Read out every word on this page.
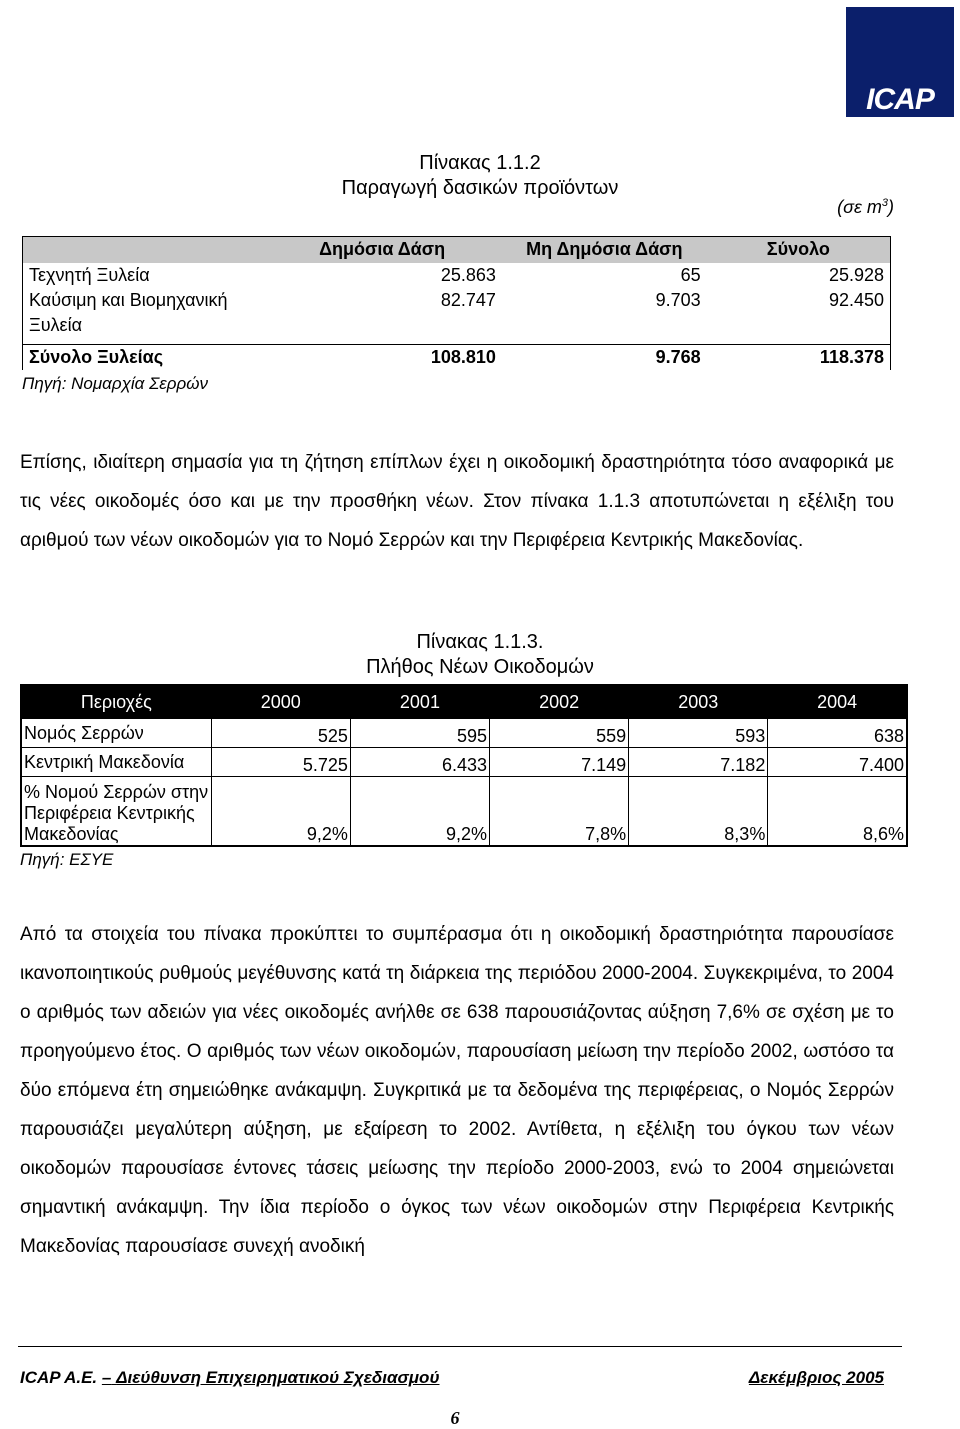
ICAP
Πίνακας 1.1.2
Παραγωγή δασικών προϊόντων
(σε $m^3$)
	Δημόσια Δάση	Μη Δημόσια Δάση	Σύνολο
Τεχνητή Ξυλεία	25.863	65	25.928
Καύσιμη και Βιομηχανική Ξυλεία	82.747	9.703	92.450
Σύνολο Ξυλείας	108.810	9.768	118.378
Πηγή: Νομαρχία Σερρών
Επίσης, ιδιαίτερη σημασία για τη ζήτηση επίπλων έχει η οικοδομική δραστηριότητα τόσο αναφορικά με τις νέες οικοδομές όσο και με την προσθήκη νέων. Στον πίνακα 1.1.3 αποτυπώνεται η εξέλιξη του αριθμού των νέων οικοδομών για το Νομό Σερρών και την Περιφέρεια Κεντρικής Μακεδονίας.
Πίνακας 1.1.3.
Πλήθος Νέων Οικοδομών
Περιοχές	2000	2001	2002	2003	2004
Νομός Σερρών	525	595	559	593	638
Κεντρική Μακεδονία	5.725	6.433	7.149	7.182	7.400
% Νομού Σερρών στην Περιφέρεια Κεντρικής Μακεδονίας	9,2%	9,2%	7,8%	8,3%	8,6%
Πηγή: ΕΣΥΕ
Από τα στοιχεία του πίνακα προκύπτει το συμπέρασμα ότι η οικοδομική δραστηριότητα παρουσίασε ικανοποιητικούς ρυθμούς μεγέθυνσης κατά τη διάρκεια της περιόδου 2000-2004. Συγκεκριμένα, το 2004 ο αριθμός των αδειών για νέες οικοδομές ανήλθε σε 638 παρουσιάζοντας αύξηση 7,6% σε σχέση με το προηγούμενο έτος. Ο αριθμός των νέων οικοδομών, παρουσίαση μείωση την περίοδο 2002, ωστόσο τα δύο επόμενα έτη σημειώθηκε ανάκαμψη. Συγκριτικά με τα δεδομένα της περιφέρειας, ο Νομός Σερρών παρουσιάζει μεγαλύτερη αύξηση, με εξαίρεση το 2002. Αντίθετα, η εξέλιξη του όγκου των νέων οικοδομών παρουσίασε έντονες τάσεις μείωσης την περίοδο 2000-2003, ενώ το 2004 σημειώνεται σημαντική ανάκαμψη. Την ίδια περίοδο ο όγκος των νέων οικοδομών στην Περιφέρεια Κεντρικής Μακεδονίας παρουσίασε συνεχή ανοδική
ICAP A.E. – Διεύθυνση Επιχειρηματικού Σχεδιασμού	Δεκέμβριος 2005
6
